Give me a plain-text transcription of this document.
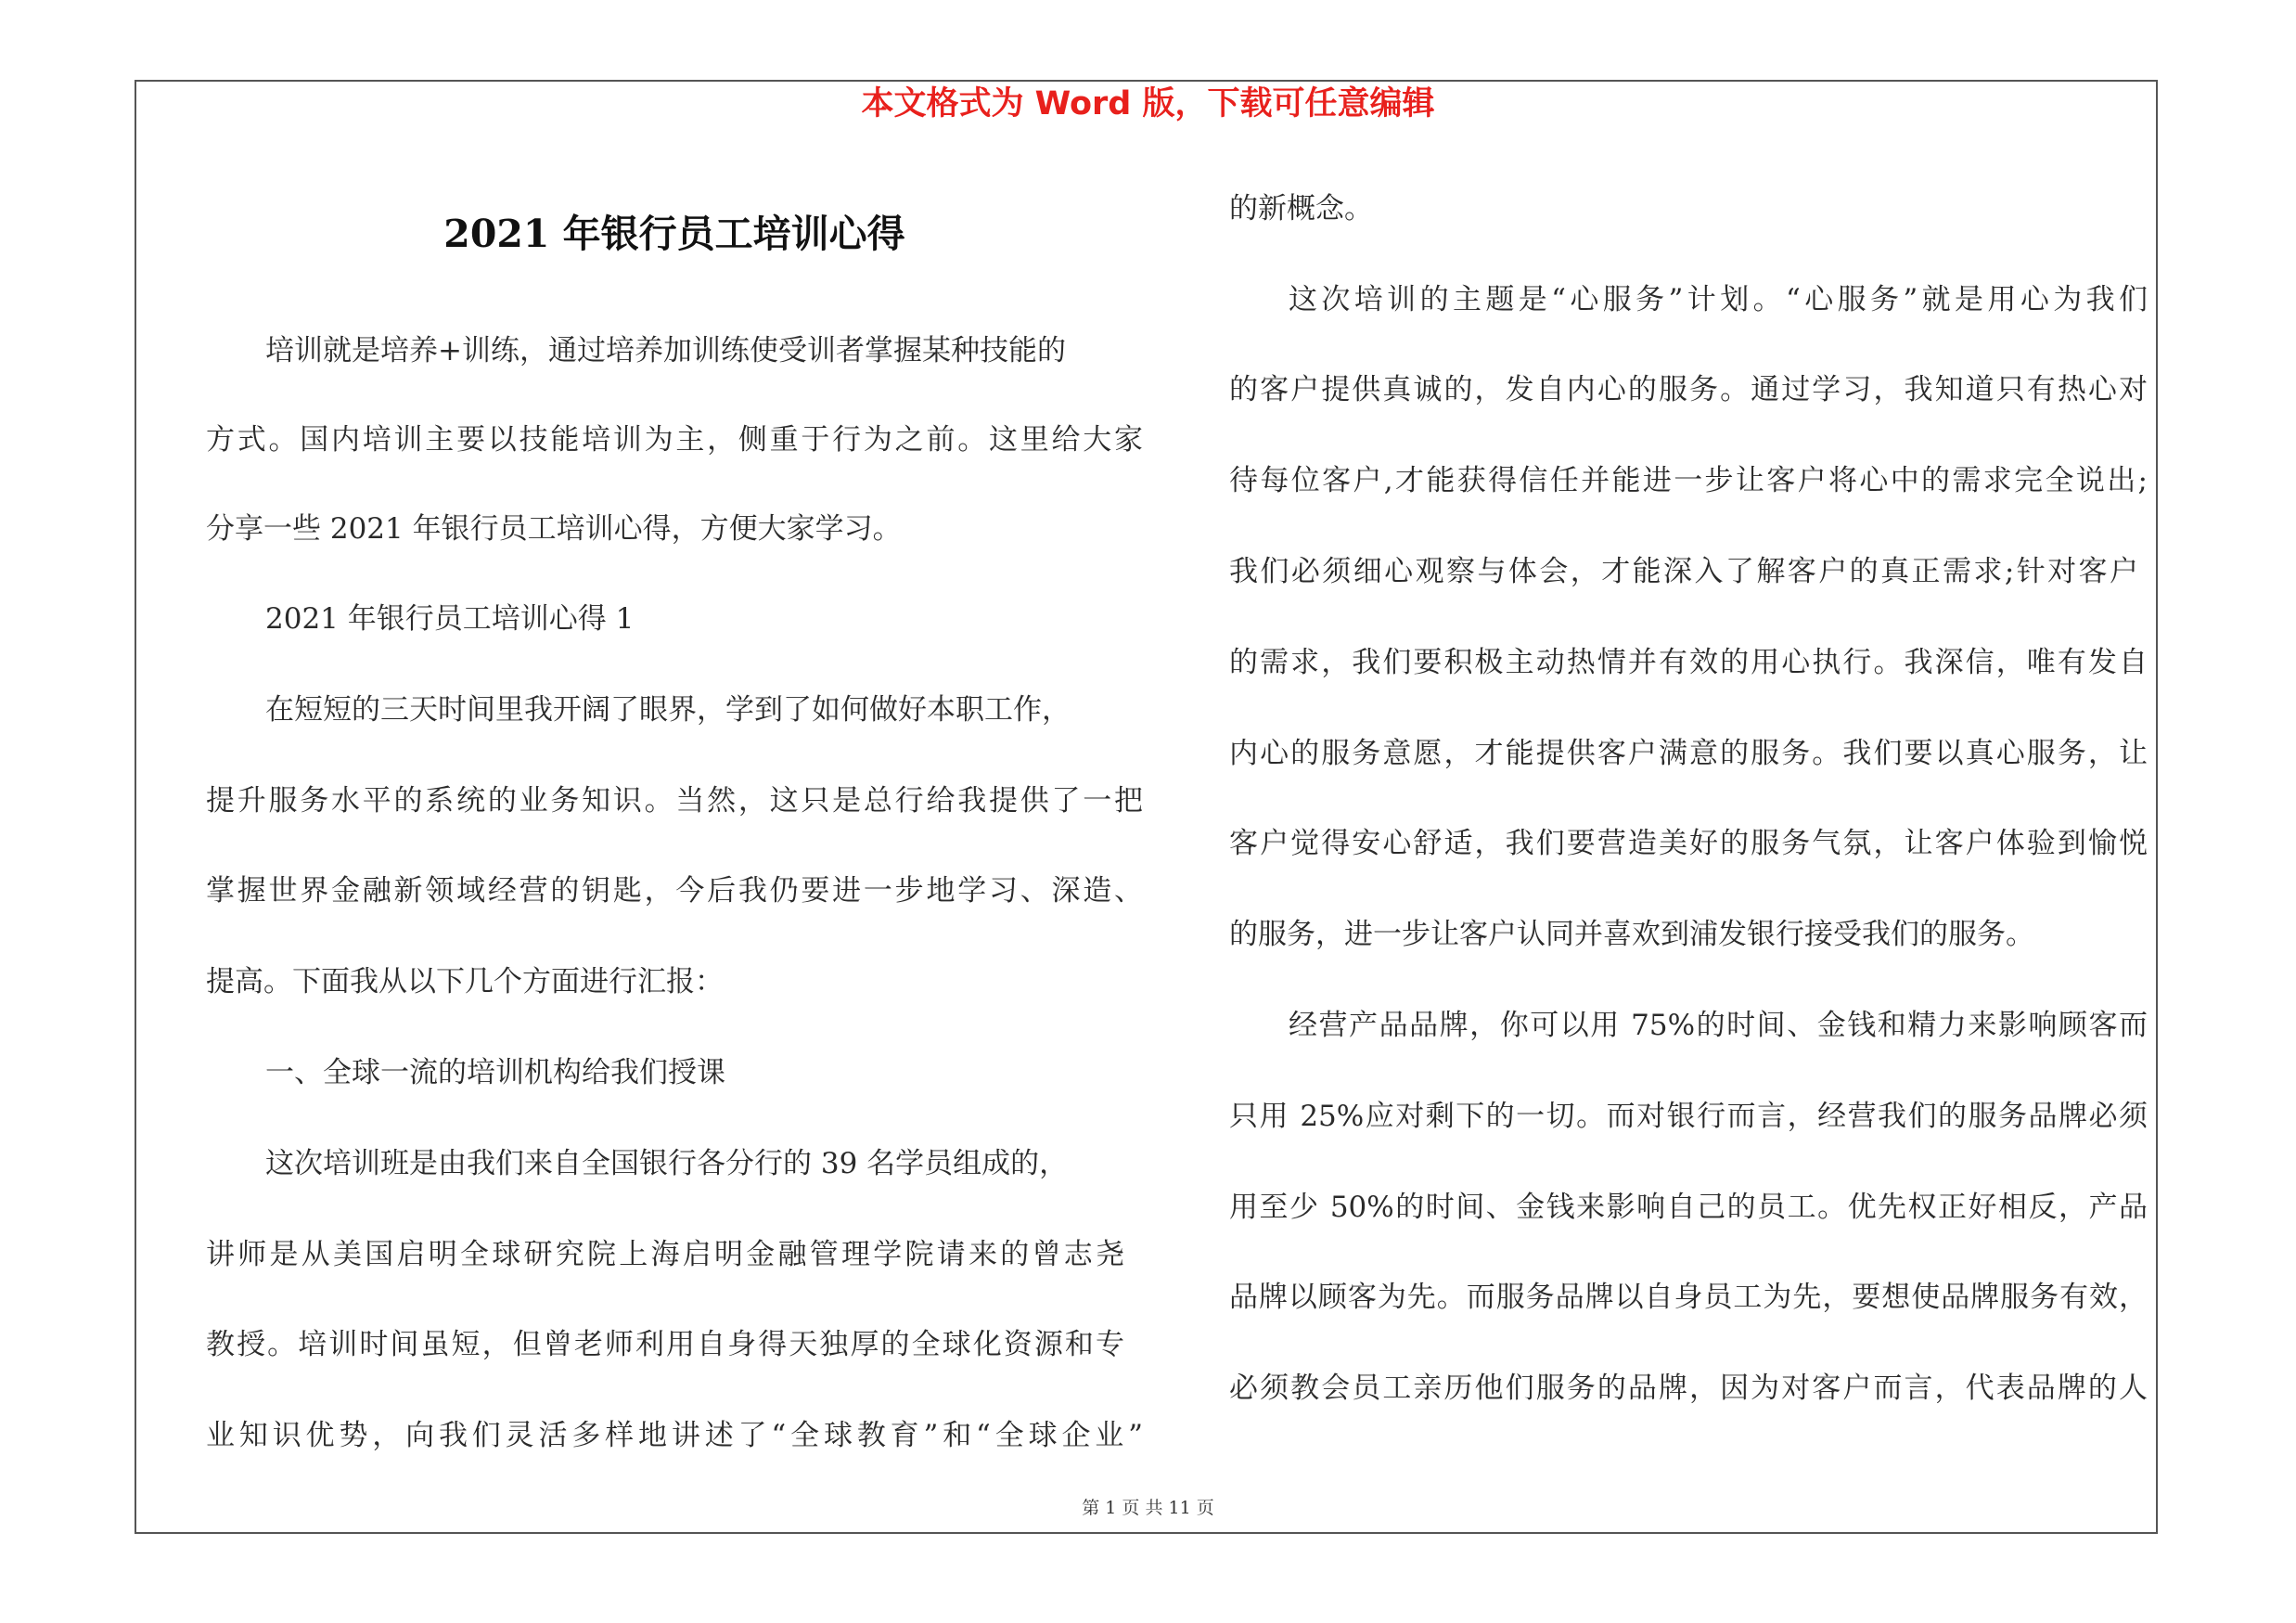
本文格式为 Word 版，下载可任意编辑
2021 年银行员工培训心得
培训就是培养+训练，通过培养加训练使受训者掌握某种技能的
方式。国内培训主要以技能培训为主，侧重于行为之前。这里给大家
分享一些 2021 年银行员工培训心得，方便大家学习。
2021 年银行员工培训心得 1
在短短的三天时间里我开阔了眼界，学到了如何做好本职工作，
提升服务水平的系统的业务知识。当然，这只是总行给我提供了一把
掌握世界金融新领域经营的钥匙，今后我仍要进一步地学习、深造、
提高。下面我从以下几个方面进行汇报：
一、全球一流的培训机构给我们授课
这次培训班是由我们来自全国银行各分行的 39 名学员组成的，
讲师是从美国启明全球研究院上海启明金融管理学院请来的曾志尧
教授。培训时间虽短，但曾老师利用自身得天独厚的全球化资源和专
业知识优势，向我们灵活多样地讲述了“全球教育”和“全球企业”
的新概念。
这次培训的主题是“心服务”计划。“心服务”就是用心为我们
的客户提供真诚的，发自内心的服务。通过学习，我知道只有热心对
待每位客户,才能获得信任并能进一步让客户将心中的需求完全说出;
我们必须细心观察与体会，才能深入了解客户的真正需求;针对客户
的需求，我们要积极主动热情并有效的用心执行。我深信，唯有发自
内心的服务意愿，才能提供客户满意的服务。我们要以真心服务，让
客户觉得安心舒适，我们要营造美好的服务气氛，让客户体验到愉悦
的服务，进一步让客户认同并喜欢到浦发银行接受我们的服务。
经营产品品牌，你可以用 75%的时间、金钱和精力来影响顾客而
只用 25%应对剩下的一切。而对银行而言，经营我们的服务品牌必须
用至少 50%的时间、金钱来影响自己的员工。优先权正好相反，产品
品牌以顾客为先。而服务品牌以自身员工为先，要想使品牌服务有效，
必须教会员工亲历他们服务的品牌，因为对客户而言，代表品牌的人
第 1 页 共 11 页
